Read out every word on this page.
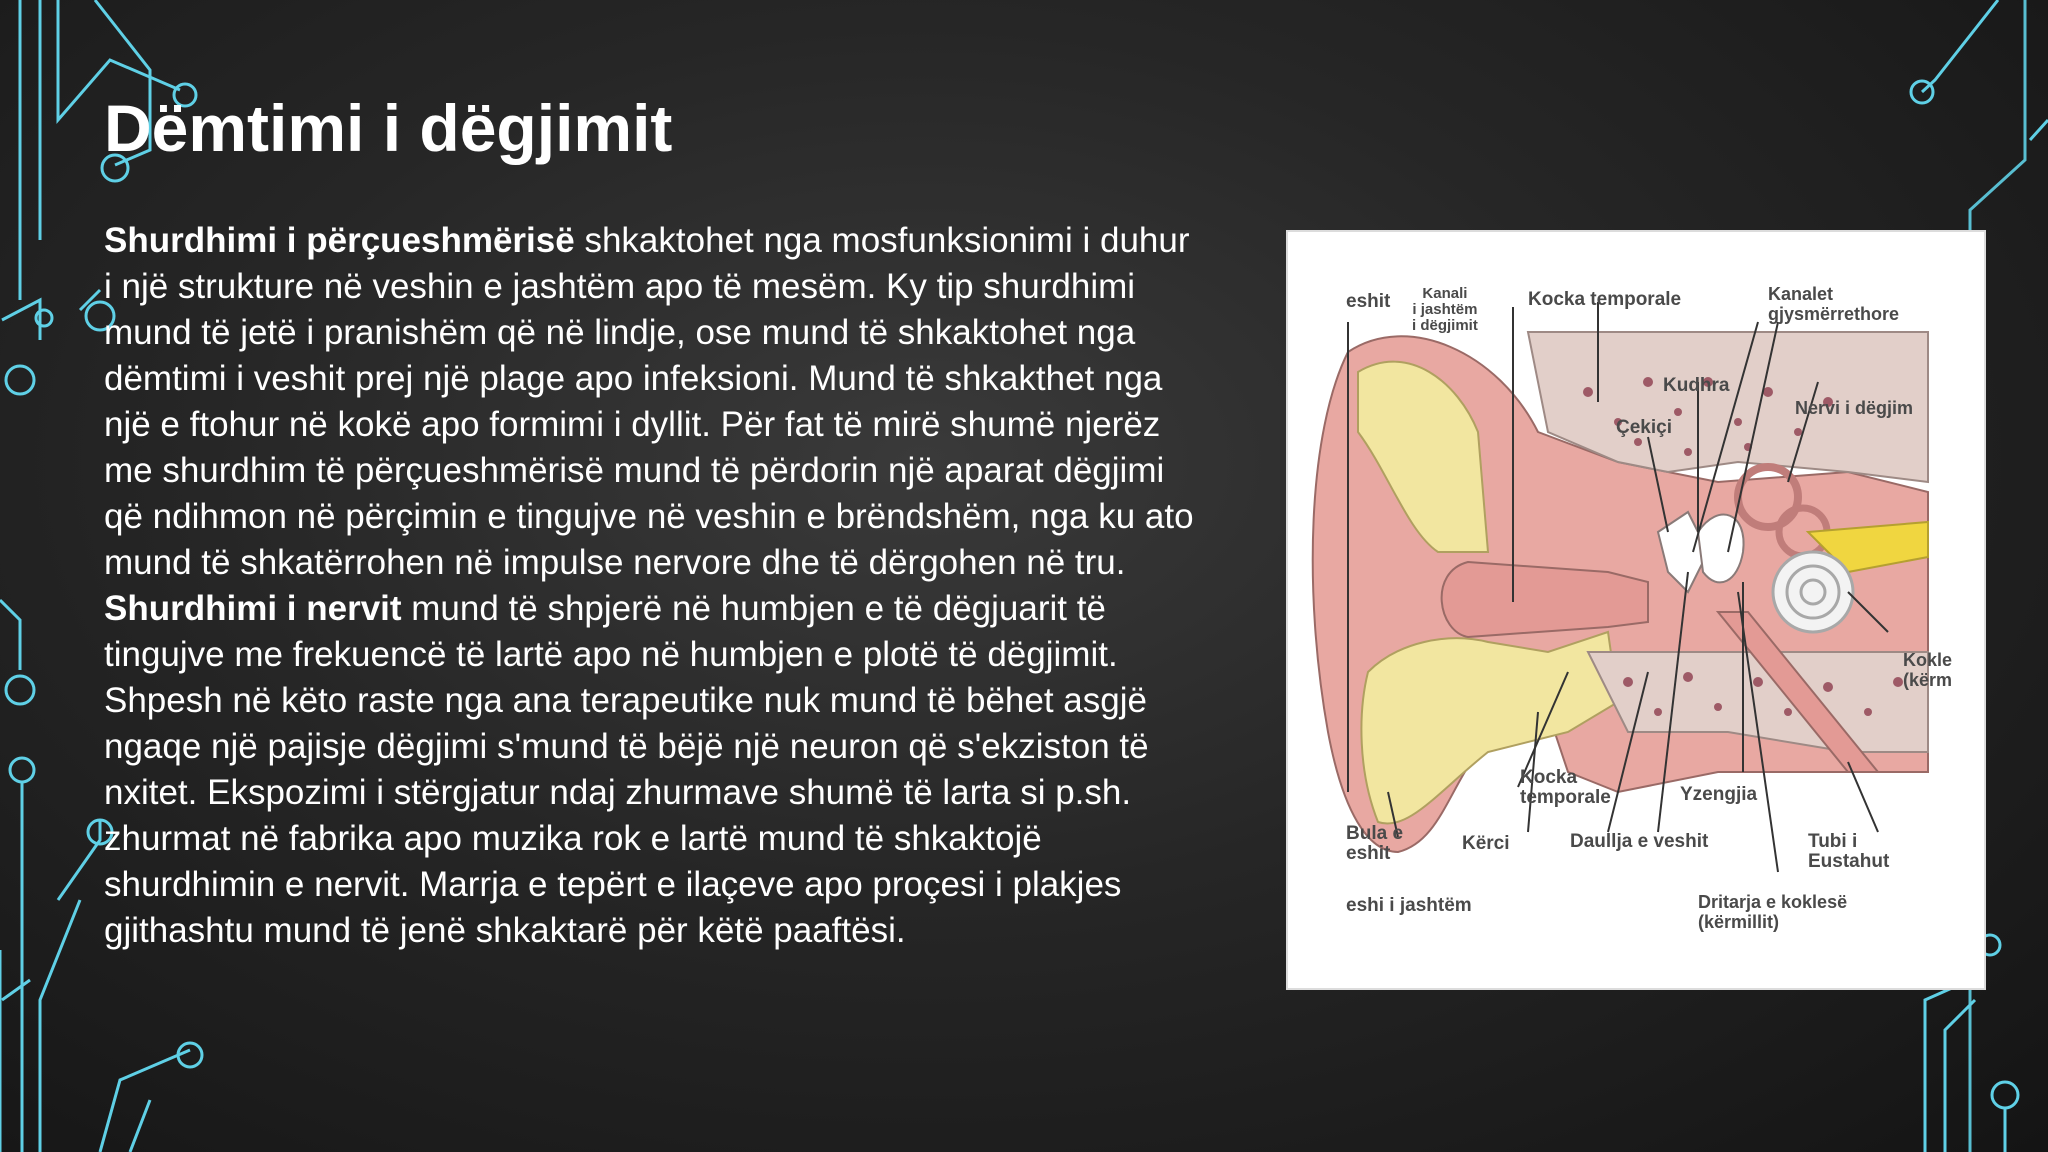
Dëmtimi i dëgjimit
Shurdhimi i përçueshmërisë shkaktohet nga mosfunksionimi i duhur i një strukture në veshin e jashtëm apo të mesëm. Ky tip shurdhimi mund të jetë i pranishëm që në lindje, ose mund të shkaktohet nga dëmtimi i veshit prej një plage apo infeksioni. Mund të shkakthet nga një e ftohur në kokë apo formimi i dyllit. Për fat të mirë shumë njerëz me shurdhim të përçueshmërisë mund të përdorin një aparat dëgjimi që ndihmon në përçimin e tingujve në veshin e brëndshëm, nga ku ato mund të shkatërrohen në impulse nervore dhe të dërgohen në tru.
Shurdhimi i nervit mund të shpjerë në humbjen e të dëgjuarit të tingujve me frekuencë të lartë apo në humbjen e plotë të dëgjimit. Shpesh në këto raste nga ana terapeutike nuk mund të bëhet asgjë ngaqe një pajisje dëgjimi s'mund të bëjë një neuron që s'ekziston të nxitet. Ekspozimi i stërgjatur ndaj zhurmave shumë të larta si p.sh. zhurmat në fabrika apo muzika rok e lartë mund të shkaktojë shurdhimin e nervit. Marrja e tepërt e ilaçeve apo proçesi i plakjes gjithashtu mund të jenë shkaktarë për këtë paaftësi.
eshit	Kanali
i jashtëm
i dëgjimit
Kocka temporale	Kanalet
gjysmërrethore
Kudhra
Nervi i dëgjim
Çekiçi
Kokle
(kërm
Kocka
temporale	Yzengjia
Bula e
eshit	Kërci	Daullja e veshit	Tubi i
Eustahut
eshi i jashtëm	Dritarja e koklesë
(kërmillit)
